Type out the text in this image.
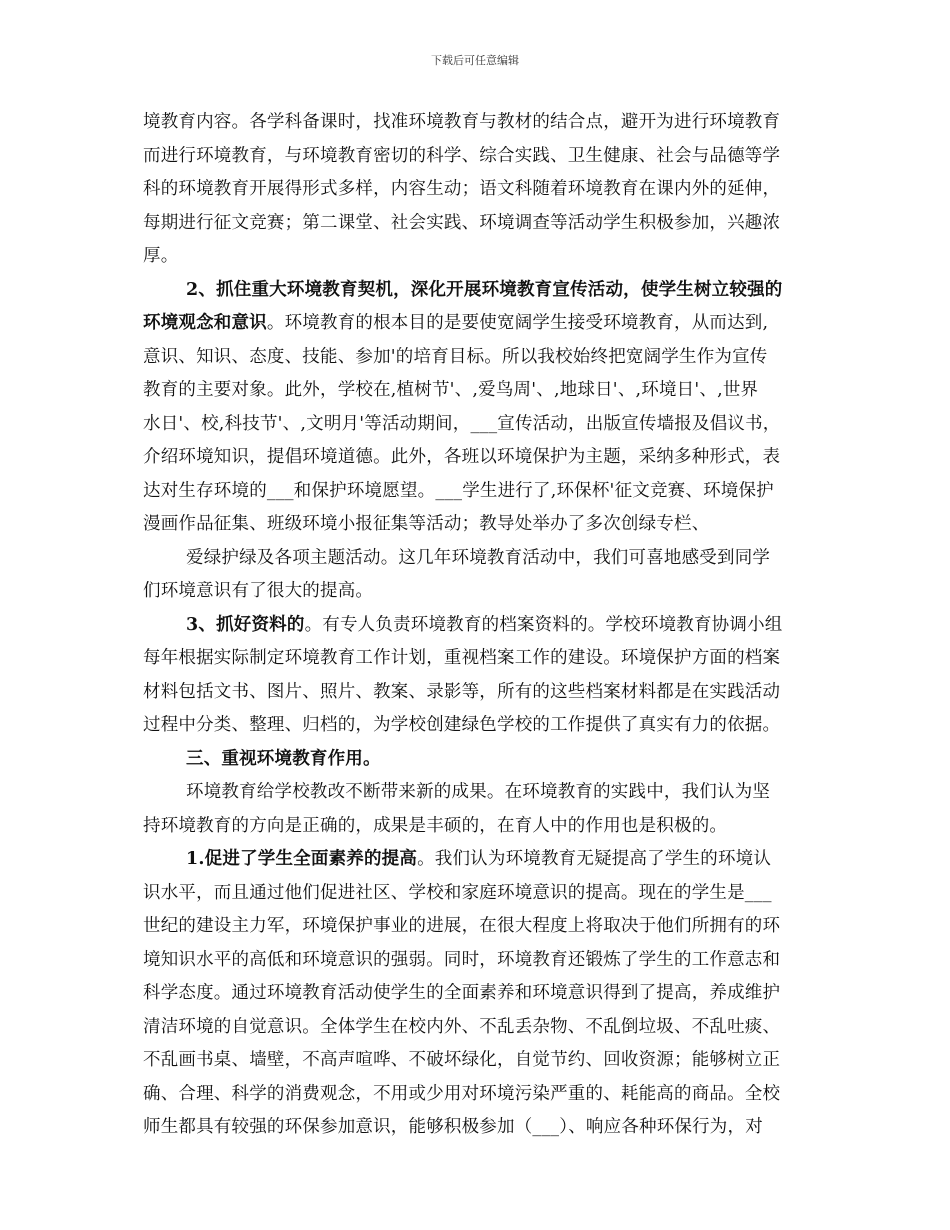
下载后可任意编辑
境教育内容。各学科备课时，找准环境教育与教材的结合点，避开为进行环境教育
而进行环境教育，与环境教育密切的科学、综合实践、卫生健康、社会与品德等学
科的环境教育开展得形式多样，内容生动；语文科随着环境教育在课内外的延伸，
每期进行征文竞赛；第二课堂、社会实践、环境调查等活动学生积极参加，兴趣浓
厚。
2、抓住重大环境教育契机，深化开展环境教育宣传活动，使学生树立较强的
环境观念和意识。环境教育的根本目的是要使宽阔学生接受环境教育，从而达到,
意识、知识、态度、技能、参加'的培育目标。所以我校始终把宽阔学生作为宣传
教育的主要对象。此外，学校在,植树节'、,爱鸟周'、,地球日'、,环境日'、,世界
水日'、校,科技节'、,文明月'等活动期间，___宣传活动，出版宣传墙报及倡议书，
介绍环境知识，提倡环境道德。此外，各班以环境保护为主题，采纳多种形式，表
达对生存环境的___和保护环境愿望。___学生进行了,环保杯'征文竞赛、环境保护
漫画作品征集、班级环境小报征集等活动；教导处举办了多次创绿专栏、
爱绿护绿及各项主题活动。这几年环境教育活动中，我们可喜地感受到同学
们环境意识有了很大的提高。
3、抓好资料的。有专人负责环境教育的档案资料的。学校环境教育协调小组
每年根据实际制定环境教育工作计划，重视档案工作的建设。环境保护方面的档案
材料包括文书、图片、照片、教案、录影等，所有的这些档案材料都是在实践活动
过程中分类、整理、归档的，为学校创建绿色学校的工作提供了真实有力的依据。
三、重视环境教育作用。
环境教育给学校教改不断带来新的成果。在环境教育的实践中，我们认为坚
持环境教育的方向是正确的，成果是丰硕的，在育人中的作用也是积极的。
1.促进了学生全面素养的提高。我们认为环境教育无疑提高了学生的环境认
识水平，而且通过他们促进社区、学校和家庭环境意识的提高。现在的学生是___
世纪的建设主力军，环境保护事业的进展，在很大程度上将取决于他们所拥有的环
境知识水平的高低和环境意识的强弱。同时，环境教育还锻炼了学生的工作意志和
科学态度。通过环境教育活动使学生的全面素养和环境意识得到了提高，养成维护
清洁环境的自觉意识。全体学生在校内外、不乱丢杂物、不乱倒垃圾、不乱吐痰、
不乱画书桌、墙壁，不高声喧哗、不破坏绿化，自觉节约、回收资源；能够树立正
确、合理、科学的消费观念，不用或少用对环境污染严重的、耗能高的商品。全校
师生都具有较强的环保参加意识，能够积极参加（___）、响应各种环保行为，对
